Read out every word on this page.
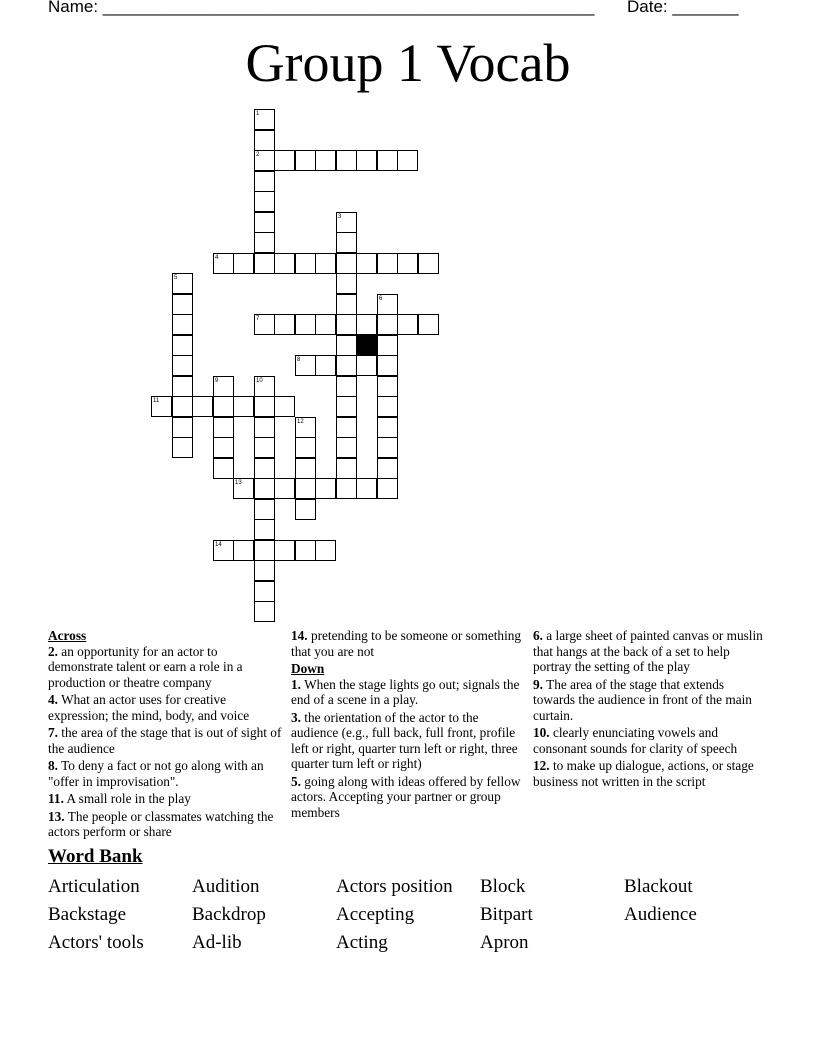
Name: ____________________________________________________ Date: _______
Group 1 Vocab
1
2
3
4
5
6
7
8
9	10
11
12
13
14
Across
2. an opportunity for an actor to demonstrate talent or earn a role in a production or theatre company
4. What an actor uses for creative expression; the mind, body, and voice
7. the area of the stage that is out of sight of the audience
8. To deny a fact or not go along with an "offer in improvisation".
11. A small role in the play
13. The people or classmates watching the actors perform or share
14. pretending to be someone or something that you are not
Down
1. When the stage lights go out; signals the end of a scene in a play.
3. the orientation of the actor to the audience (e.g., full back, full front, profile left or right, quarter turn left or right, three quarter turn left or right)
5. going along with ideas offered by fellow actors. Accepting your partner or group members
6. a large sheet of painted canvas or muslin that hangs at the back of a set to help portray the setting of the play
9. The area of the stage that extends towards the audience in front of the main curtain.
10. clearly enunciating vowels and consonant sounds for clarity of speech
12. to make up dialogue, actions, or stage business not written in the script
Word Bank
Articulation	Audition	Actors position	Block	Blackout
Backstage	Backdrop	Accepting	Bitpart	Audience
Actors' tools	Ad-lib	Acting	Apron
